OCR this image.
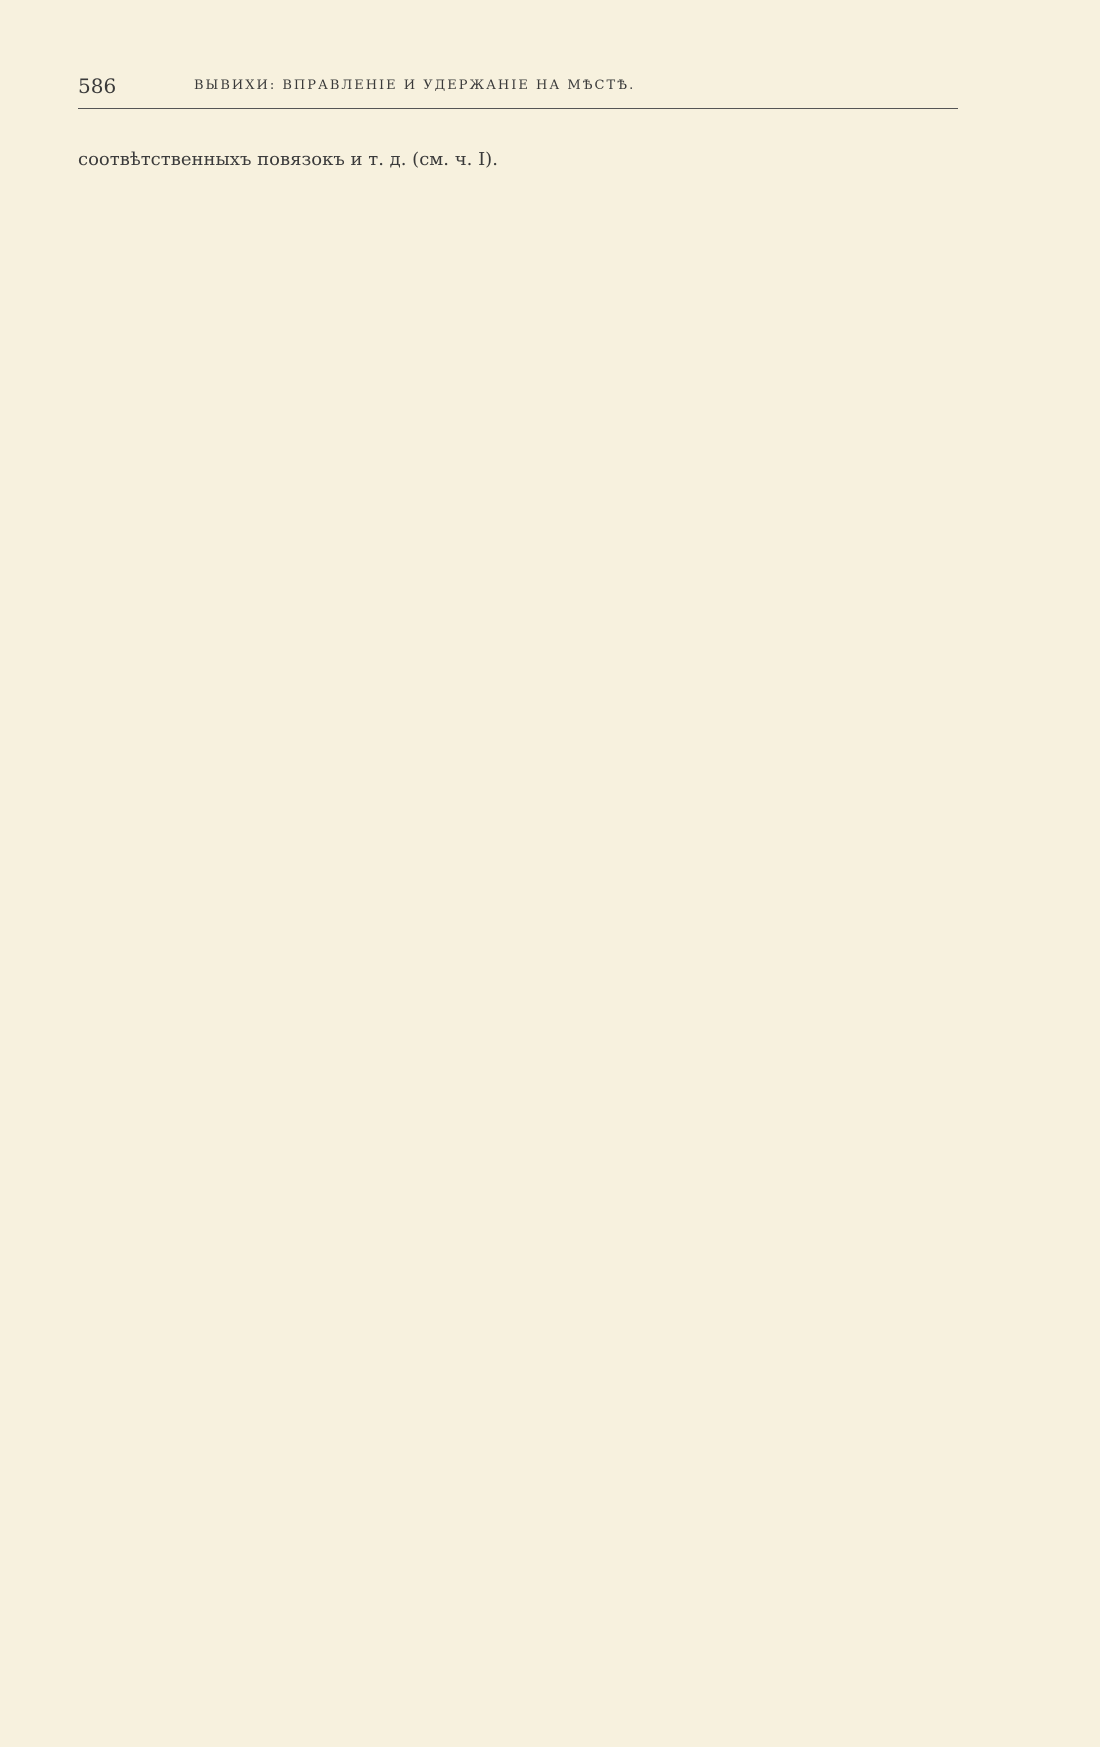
586	ВЫВИХИ: ВПРАВЛЕНІЕ И УДЕРЖАНІЕ НА МѢСТѢ.

соотвѣтственныхъ повязокъ и т. д. (см. ч. I).
